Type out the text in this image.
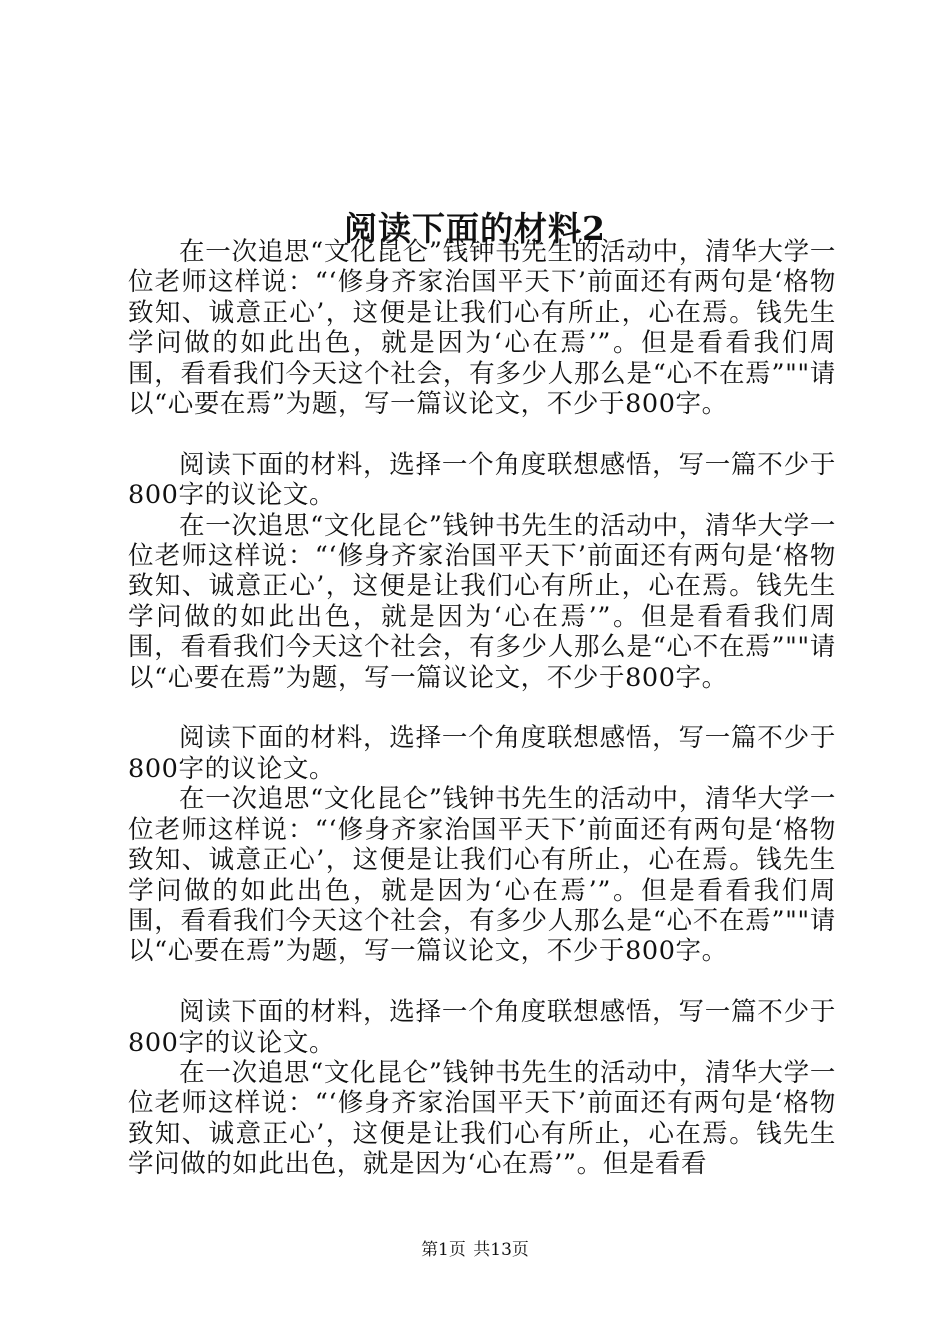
阅读下面的材料2

在一次追思“文化昆仑”钱钟书先生的活动中，清华大学一位老师这样说：“‘修身齐家治国平天下’前面还有两句是‘格物致知、诚意正心’，这便是让我们心有所止，心在焉。钱先生学问做的如此出色，就是因为‘心在焉’”。但是看看我们周围，看看我们今天这个社会，有多少人那么是“心不在焉”""请以“心要在焉”为题，写一篇议论文，不少于800字。

阅读下面的材料，选择一个角度联想感悟，写一篇不少于800字的议论文。

在一次追思“文化昆仑”钱钟书先生的活动中，清华大学一位老师这样说：“‘修身齐家治国平天下’前面还有两句是‘格物致知、诚意正心’，这便是让我们心有所止，心在焉。钱先生学问做的如此出色，就是因为‘心在焉’”。但是看看我们周围，看看我们今天这个社会，有多少人那么是“心不在焉”""请以“心要在焉”为题，写一篇议论文，不少于800字。

阅读下面的材料，选择一个角度联想感悟，写一篇不少于800字的议论文。

在一次追思“文化昆仑”钱钟书先生的活动中，清华大学一位老师这样说：“‘修身齐家治国平天下’前面还有两句是‘格物致知、诚意正心’，这便是让我们心有所止，心在焉。钱先生学问做的如此出色，就是因为‘心在焉’”。但是看看我们周围，看看我们今天这个社会，有多少人那么是“心不在焉”""请以“心要在焉”为题，写一篇议论文，不少于800字。

阅读下面的材料，选择一个角度联想感悟，写一篇不少于800字的议论文。

在一次追思“文化昆仑”钱钟书先生的活动中，清华大学一位老师这样说：“‘修身齐家治国平天下’前面还有两句是‘格物致知、诚意正心’，这便是让我们心有所止，心在焉。钱先生学问做的如此出色，就是因为‘心在焉’”。但是看看

第1页 共13页
